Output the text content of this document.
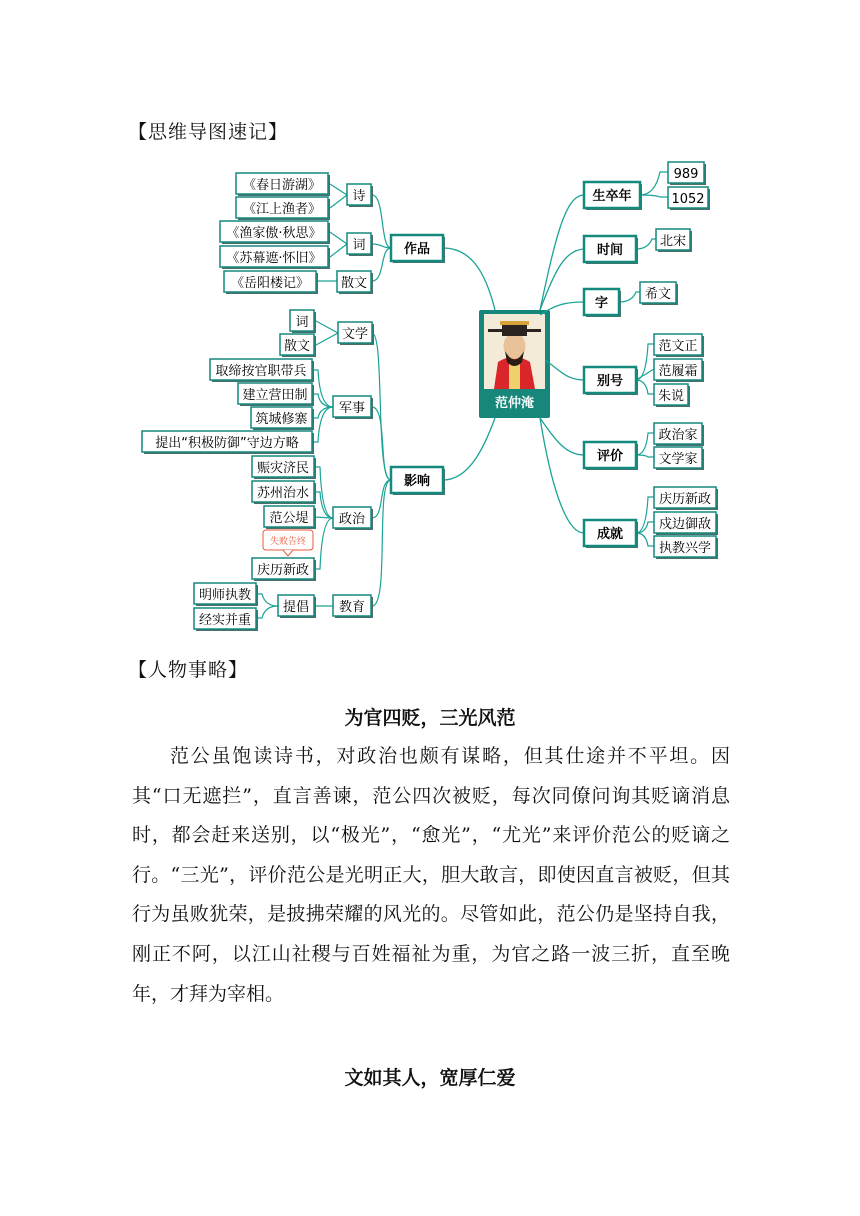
【思维导图速记】
范仲淹
生卒年
时间
字
别号
评价
成就
989
1052
北宋
希文
范文正
范履霜
朱说
政治家
文学家
庆历新政
戍边御敌
执教兴学
作品
影响
诗
词
散文
《春日游湖》
《江上渔者》
《渔家傲·秋思》
《苏幕遮·怀旧》
《岳阳楼记》
文学
军事
政治
教育
提倡
词
散文
取缔按官职带兵
建立营田制
筑城修寨
提出“积极防御”守边方略
赈灾济民
苏州治水
范公堤
失败告终
庆历新政
明师执教
经实并重
【人物事略】
为官四贬，三光风范

范公虽饱读诗书，对政治也颇有谋略，但其仕途并不平坦。因其“口无遮拦”，直言善谏，范公四次被贬，每次同僚问询其贬谪消息时，都会赶来送别，以“极光”，“愈光”，“尤光”来评价范公的贬谪之行。“三光”，评价范公是光明正大，胆大敢言，即使因直言被贬，但其行为虽败犹荣，是披拂荣耀的风光的。尽管如此，范公仍是坚持自我，刚正不阿，以江山社稷与百姓福祉为重，为官之路一波三折，直至晚年，才拜为宰相。

文如其人，宽厚仁爱
